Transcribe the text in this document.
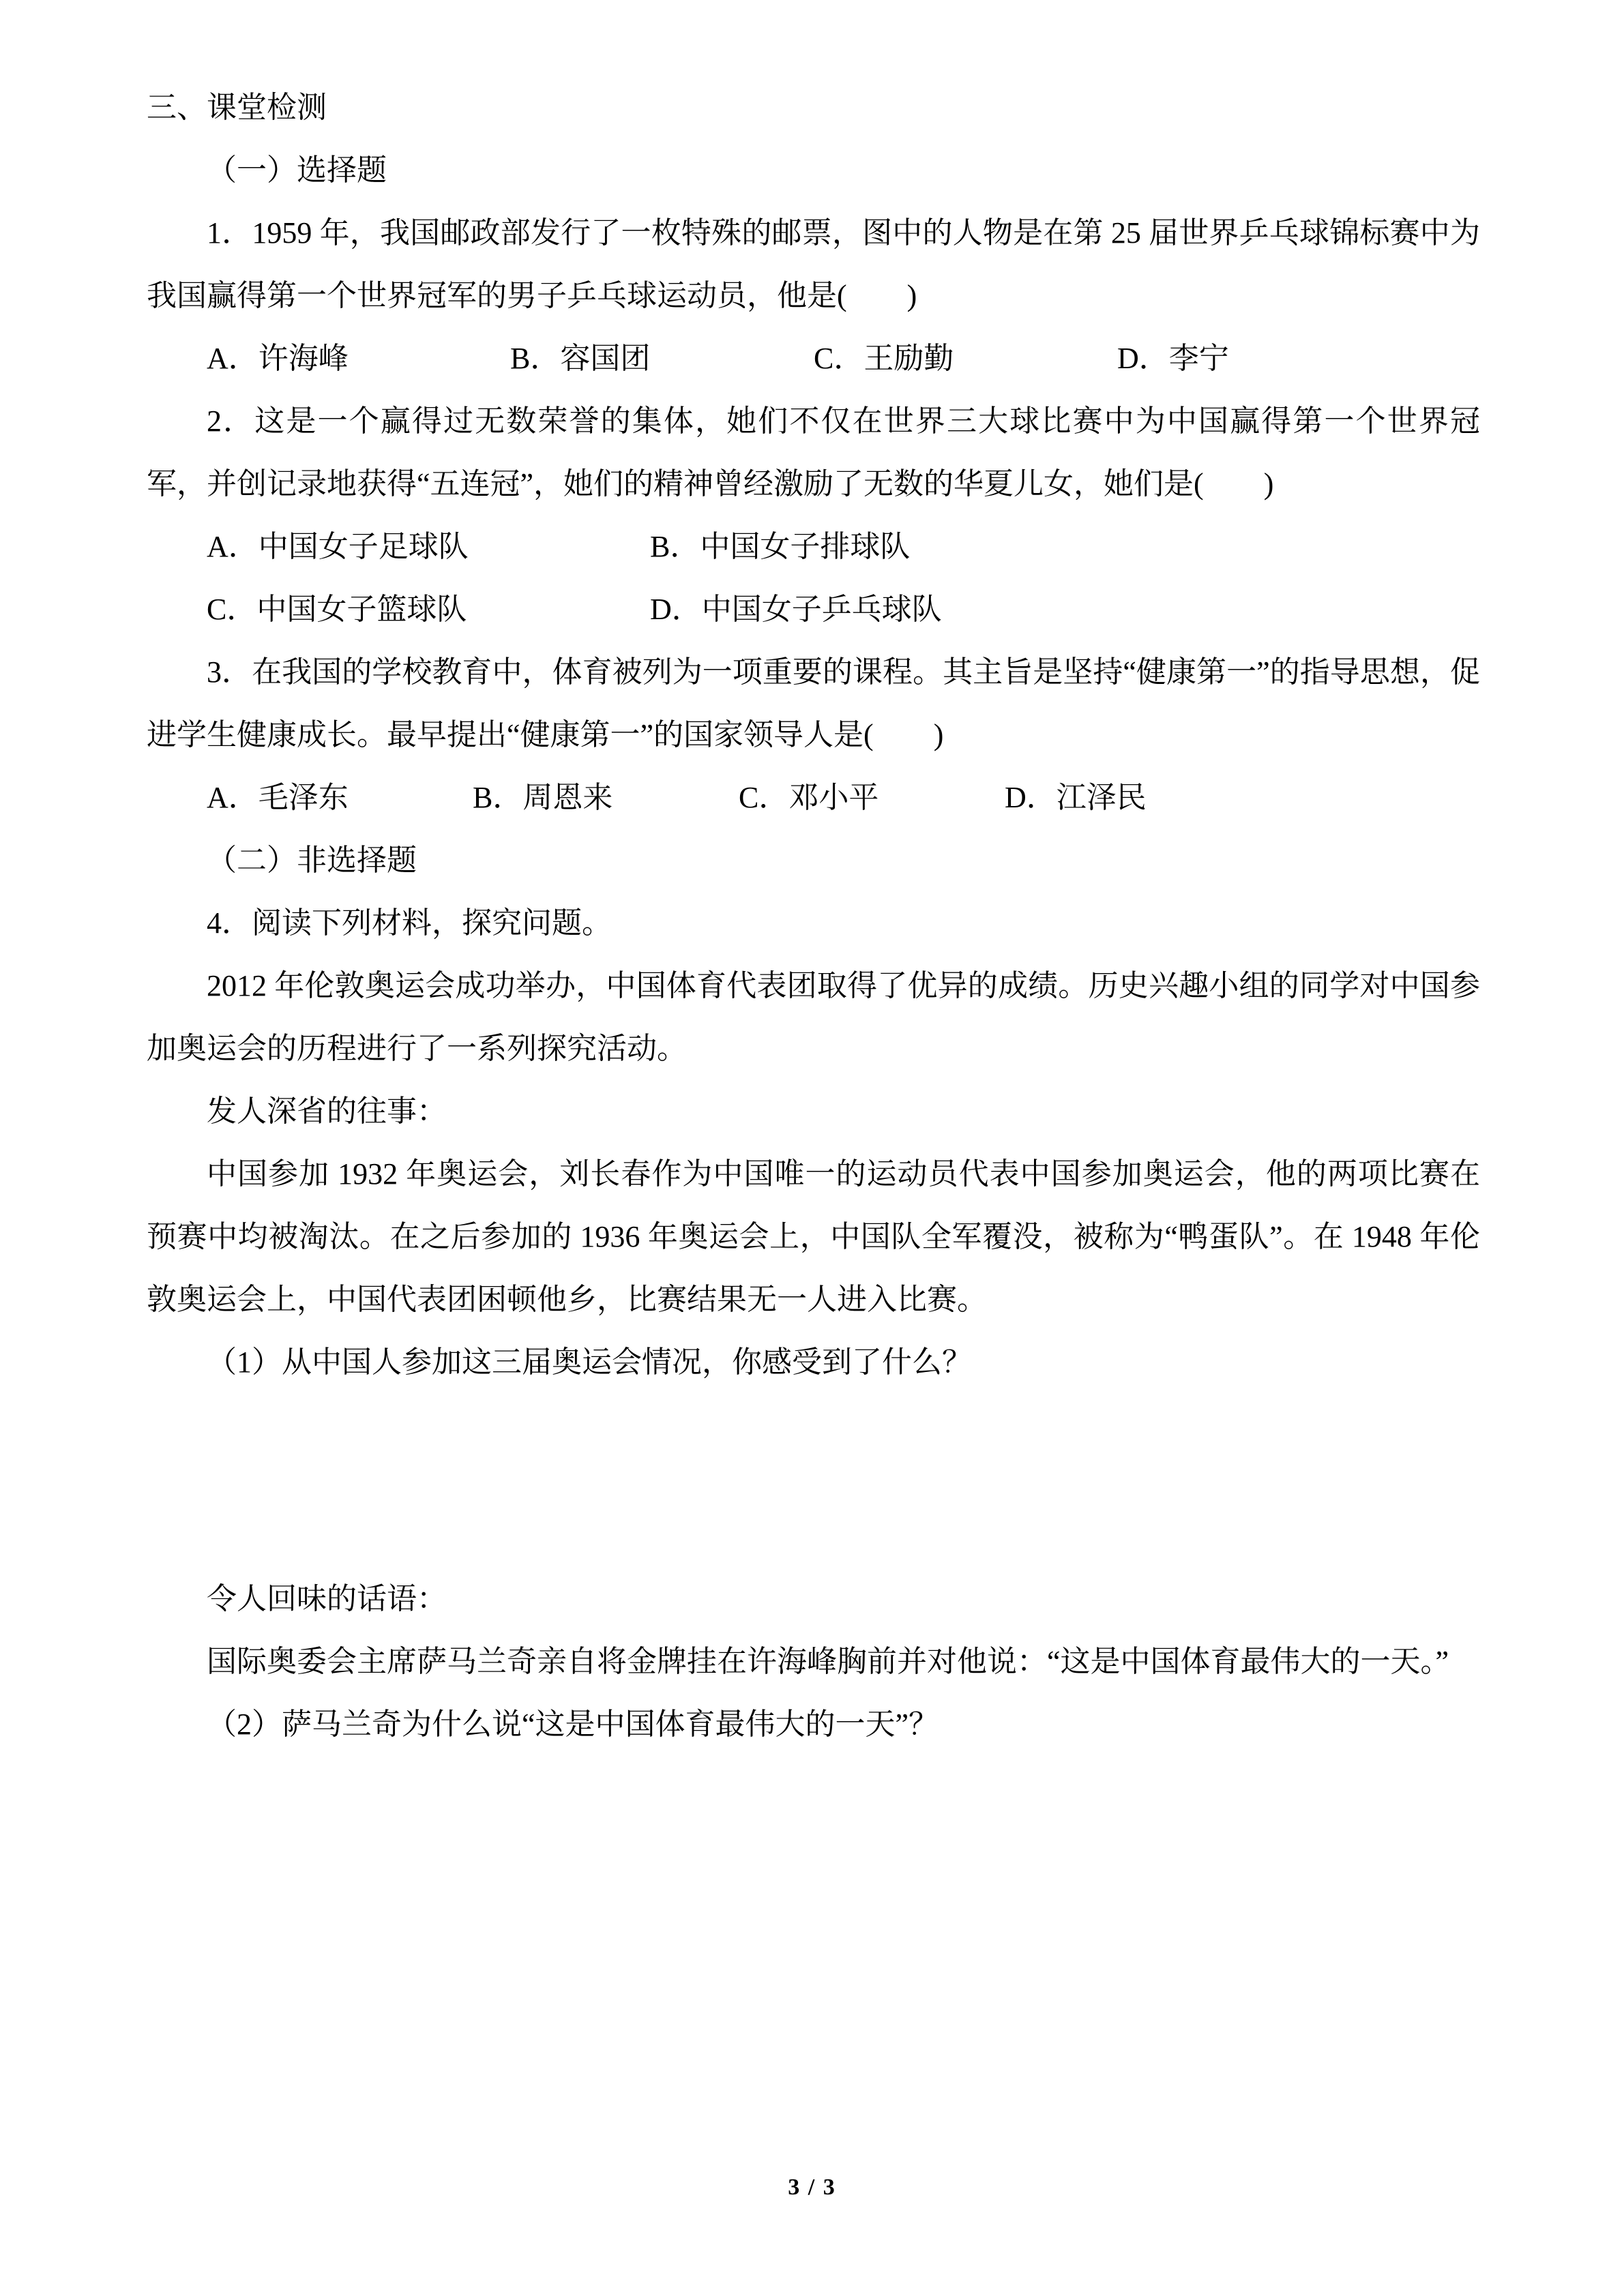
三、课堂检测

（一）选择题

1．1959 年，我国邮政部发行了一枚特殊的邮票，图中的人物是在第 25 届世界乒乓球锦标赛中为我国赢得第一个世界冠军的男子乒乓球运动员，他是(　　)

A．许海峰	B．容国团	C．王励勤	D．李宁

2．这是一个赢得过无数荣誉的集体，她们不仅在世界三大球比赛中为中国赢得第一个世界冠军，并创记录地获得“五连冠”，她们的精神曾经激励了无数的华夏儿女，她们是(　　)

A．中国女子足球队	B．中国女子排球队
C．中国女子篮球队	D．中国女子乒乓球队

3．在我国的学校教育中，体育被列为一项重要的课程。其主旨是坚持“健康第一”的指导思想，促进学生健康成长。最早提出“健康第一”的国家领导人是(　　)

A．毛泽东	B．周恩来	C．邓小平	D．江泽民

（二）非选择题

4．阅读下列材料，探究问题。

2012 年伦敦奥运会成功举办，中国体育代表团取得了优异的成绩。历史兴趣小组的同学对中国参加奥运会的历程进行了一系列探究活动。

发人深省的往事：

中国参加 1932 年奥运会，刘长春作为中国唯一的运动员代表中国参加奥运会，他的两项比赛在预赛中均被淘汰。在之后参加的 1936 年奥运会上，中国队全军覆没，被称为“鸭蛋队”。在 1948 年伦敦奥运会上，中国代表团困顿他乡，比赛结果无一人进入比赛。

（1）从中国人参加这三届奥运会情况，你感受到了什么？

令人回味的话语：

国际奥委会主席萨马兰奇亲自将金牌挂在许海峰胸前并对他说：“这是中国体育最伟大的一天。”

（2）萨马兰奇为什么说“这是中国体育最伟大的一天”？

3 / 3
